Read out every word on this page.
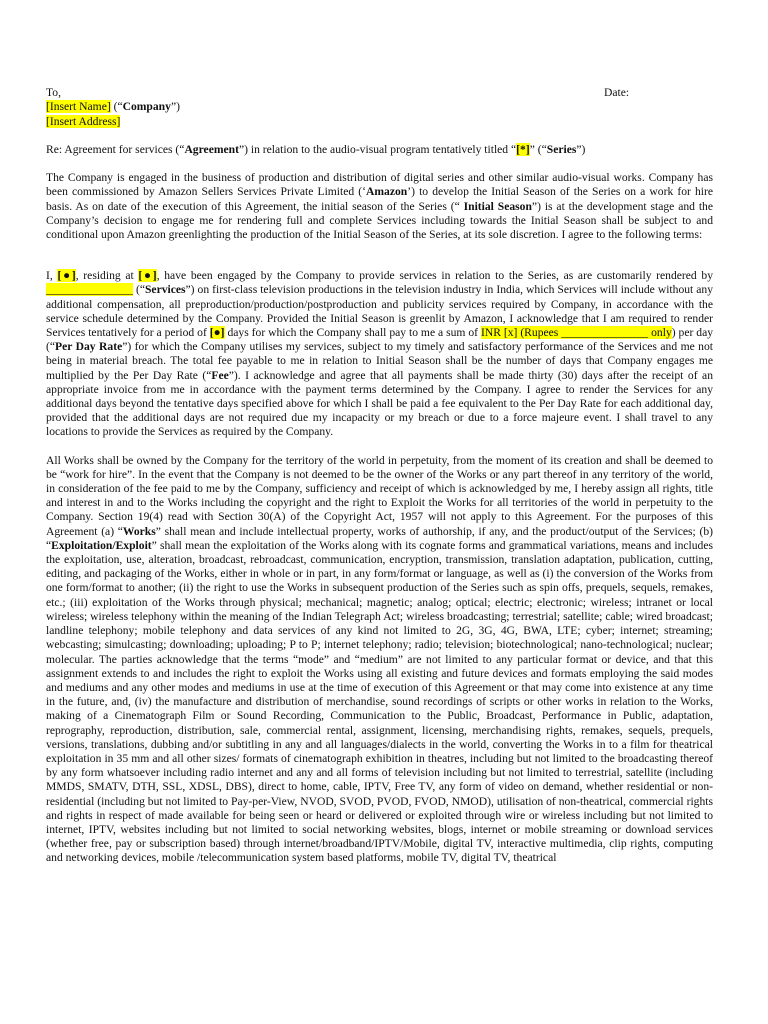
To,	Date:
[Insert Name] (“Company”)
[Insert Address]

Re: Agreement for services (“Agreement”) in relation to the audio-visual program tentatively titled “[*]” (“Series”)

The Company is engaged in the business of production and distribution of digital series and other similar audio-visual works. Company has been commissioned by Amazon Sellers Services Private Limited (‘Amazon’) to develop the Initial Season of the Series on a work for hire basis. As on date of the execution of this Agreement, the initial season of the Series (“ Initial Season”) is at the development stage and the Company’s decision to engage me for rendering full and complete Services including towards the Initial Season shall be subject to and conditional upon Amazon greenlighting the production of the Initial Season of the Series, at its sole discretion. I agree to the following terms:

I, [●], residing at [●], have been engaged by the Company to provide services in relation to the Series, as are customarily rendered by _______________ (“Services”) on first-class television productions in the television industry in India, which Services will include without any additional compensation, all preproduction/production/postproduction and publicity services required by Company, in accordance with the service schedule determined by the Company. Provided the Initial Season is greenlit by Amazon, I acknowledge that I am required to render Services tentatively for a period of [●] days for which the Company shall pay to me a sum of INR [x] (Rupees _______________ only) per day (“Per Day Rate”) for which the Company utilises my services, subject to my timely and satisfactory performance of the Services and me not being in material breach. The total fee payable to me in relation to Initial Season shall be the number of days that Company engages me multiplied by the Per Day Rate (“Fee”). I acknowledge and agree that all payments shall be made thirty (30) days after the receipt of an appropriate invoice from me in accordance with the payment terms determined by the Company. I agree to render the Services for any additional days beyond the tentative days specified above for which I shall be paid a fee equivalent to the Per Day Rate for each additional day, provided that the additional days are not required due my incapacity or my breach or due to a force majeure event. I shall travel to any locations to provide the Services as required by the Company.

All Works shall be owned by the Company for the territory of the world in perpetuity, from the moment of its creation and shall be deemed to be “work for hire”. In the event that the Company is not deemed to be the owner of the Works or any part thereof in any territory of the world, in consideration of the fee paid to me by the Company, sufficiency and receipt of which is acknowledged by me, I hereby assign all rights, title and interest in and to the Works including the copyright and the right to Exploit the Works for all territories of the world in perpetuity to the Company. Section 19(4) read with Section 30(A) of the Copyright Act, 1957 will not apply to this Agreement. For the purposes of this Agreement (a) “Works” shall mean and include intellectual property, works of authorship, if any, and the product/output of the Services; (b) “Exploitation/Exploit” shall mean the exploitation of the Works along with its cognate forms and grammatical variations, means and includes the exploitation, use, alteration, broadcast, rebroadcast, communication, encryption, transmission, translation adaptation, publication, cutting, editing, and packaging of the Works, either in whole or in part, in any form/format or language, as well as (i) the conversion of the Works from one form/format to another; (ii) the right to use the Works in subsequent production of the Series such as spin offs, prequels, sequels, remakes, etc.; (iii) exploitation of the Works through physical; mechanical; magnetic; analog; optical; electric; electronic; wireless; intranet or local wireless; wireless telephony within the meaning of the Indian Telegraph Act; wireless broadcasting; terrestrial; satellite; cable; wired broadcast; landline telephony; mobile telephony and data services of any kind not limited to 2G, 3G, 4G, BWA, LTE; cyber; internet; streaming; webcasting; simulcasting; downloading; uploading; P to P; internet telephony; radio; television; biotechnological; nano-technological; nuclear; molecular. The parties acknowledge that the terms “mode” and “medium” are not limited to any particular format or device, and that this assignment extends to and includes the right to exploit the Works using all existing and future devices and formats employing the said modes and mediums and any other modes and mediums in use at the time of execution of this Agreement or that may come into existence at any time in the future, and, (iv) the manufacture and distribution of merchandise, sound recordings of scripts or other works in relation to the Works, making of a Cinematograph Film or Sound Recording, Communication to the Public, Broadcast, Performance in Public, adaptation, reprography, reproduction, distribution, sale, commercial rental, assignment, licensing, merchandising rights, remakes, sequels, prequels, versions, translations, dubbing and/or subtitling in any and all languages/dialects in the world, converting the Works in to a film for theatrical exploitation in 35 mm and all other sizes/ formats of cinematograph exhibition in theatres, including but not limited to the broadcasting thereof by any form whatsoever including radio internet and any and all forms of television including but not limited to terrestrial, satellite (including MMDS, SMATV, DTH, SSL, XDSL, DBS), direct to home, cable, IPTV, Free TV, any form of video on demand, whether residential or non-residential (including but not limited to Pay-per-View, NVOD, SVOD, PVOD, FVOD, NMOD), utilisation of non-theatrical, commercial rights and rights in respect of made available for being seen or heard or delivered or exploited through wire or wireless including but not limited to internet, IPTV, websites including but not limited to social networking websites, blogs, internet or mobile streaming or download services (whether free, pay or subscription based) through internet/broadband/IPTV/Mobile, digital TV, interactive multimedia, clip rights, computing and networking devices, mobile /telecommunication system based platforms, mobile TV, digital TV, theatrical
